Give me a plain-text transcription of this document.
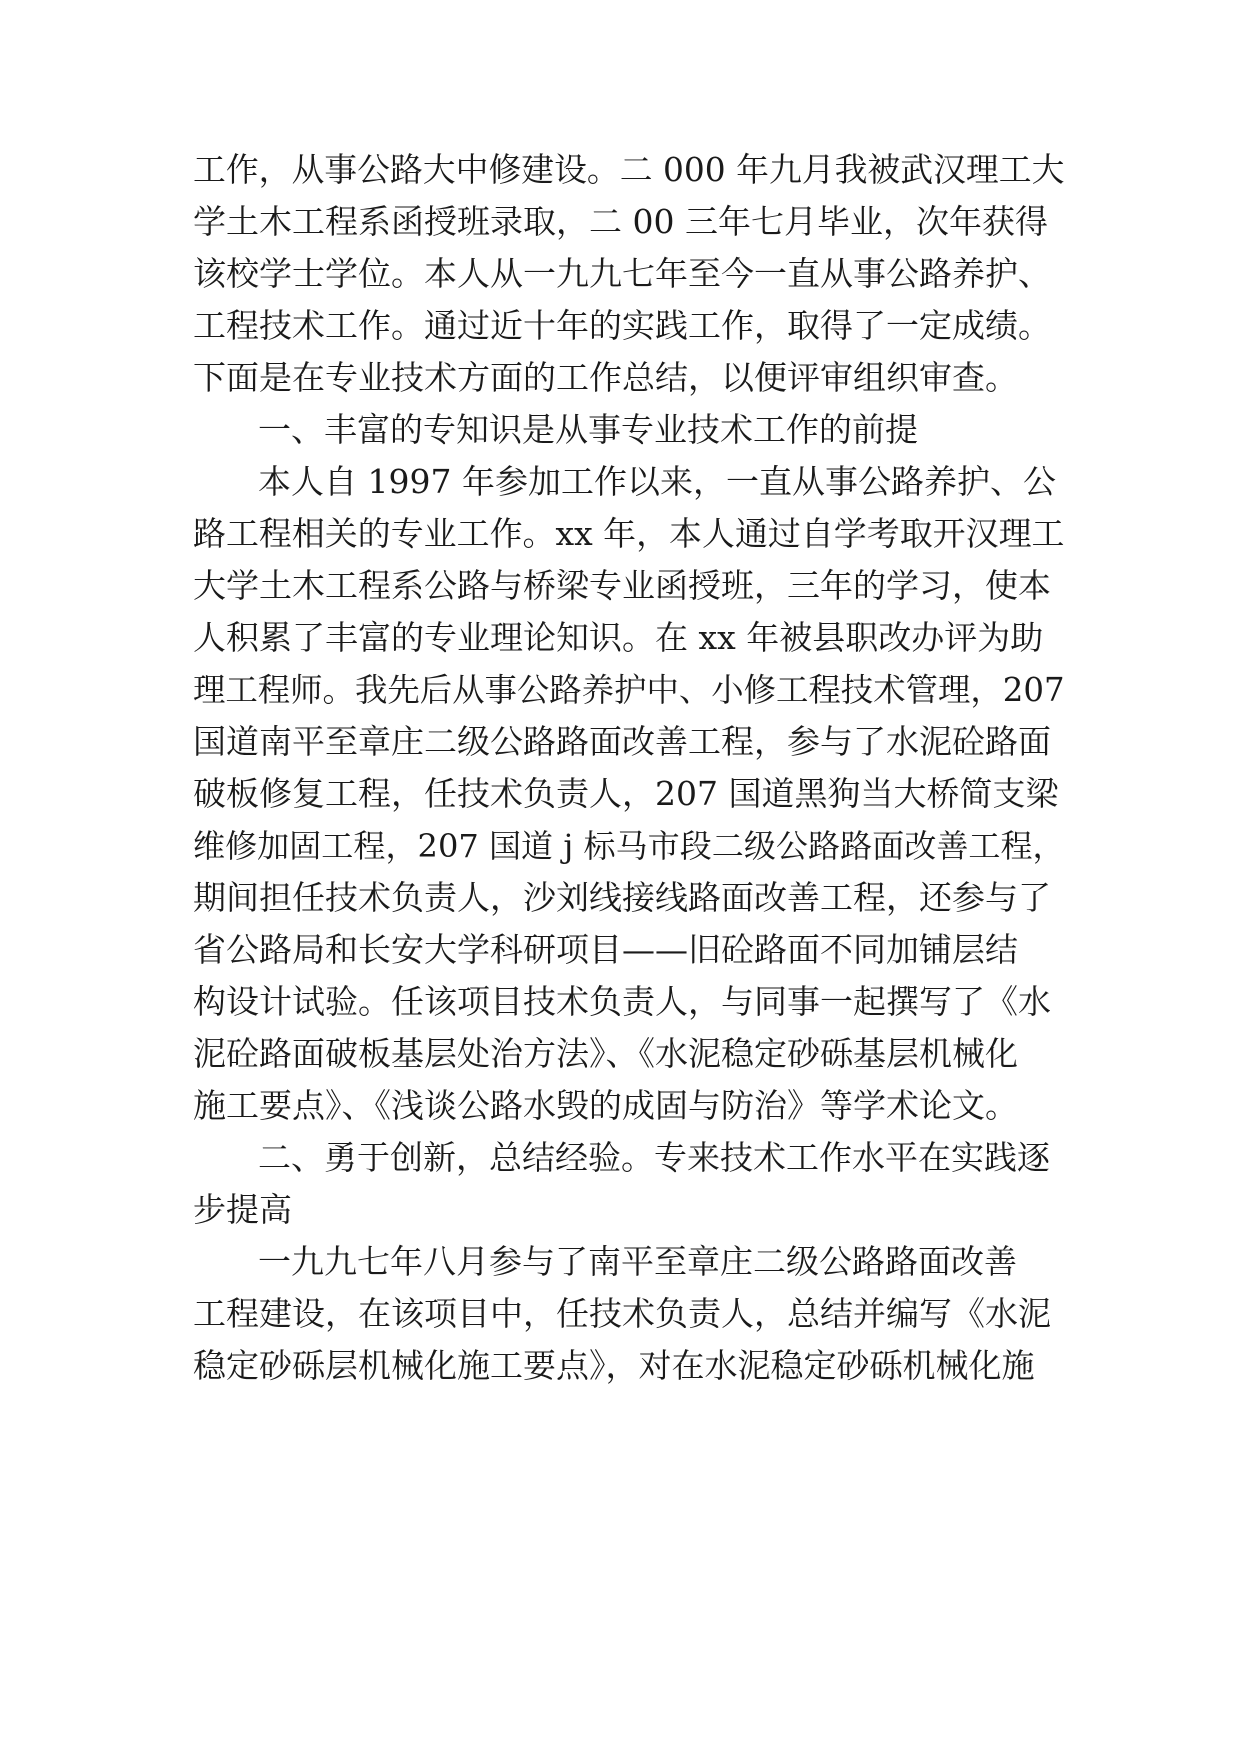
工作，从事公路大中修建设。二 000 年九月我被武汉理工大
学土木工程系函授班录取，二 00 三年七月毕业，次年获得
该校学士学位。本人从一九九七年至今一直从事公路养护、
工程技术工作。通过近十年的实践工作，取得了一定成绩。
下面是在专业技术方面的工作总结，以便评审组织审查。
一、丰富的专知识是从事专业技术工作的前提
本人自 1997 年参加工作以来，一直从事公路养护、公
路工程相关的专业工作。xx 年，本人通过自学考取开汉理工
大学土木工程系公路与桥梁专业函授班，三年的学习，使本
人积累了丰富的专业理论知识。在 xx 年被县职改办评为助
理工程师。我先后从事公路养护中、小修工程技术管理，207
国道南平至章庄二级公路路面改善工程，参与了水泥砼路面
破板修复工程，任技术负责人，207 国道黑狗当大桥简支梁
维修加固工程，207 国道 j 标马市段二级公路路面改善工程，
期间担任技术负责人，沙刘线接线路面改善工程，还参与了
省公路局和长安大学科研项目——旧砼路面不同加铺层结
构设计试验。任该项目技术负责人，与同事一起撰写了《水
泥砼路面破板基层处治方法》、《水泥稳定砂砾基层机械化
施工要点》、《浅谈公路水毁的成固与防治》等学术论文。
二、勇于创新，总结经验。专来技术工作水平在实践逐
步提高
一九九七年八月参与了南平至章庄二级公路路面改善
工程建设，在该项目中，任技术负责人，总结并编写《水泥
稳定砂砾层机械化施工要点》，对在水泥稳定砂砾机械化施
